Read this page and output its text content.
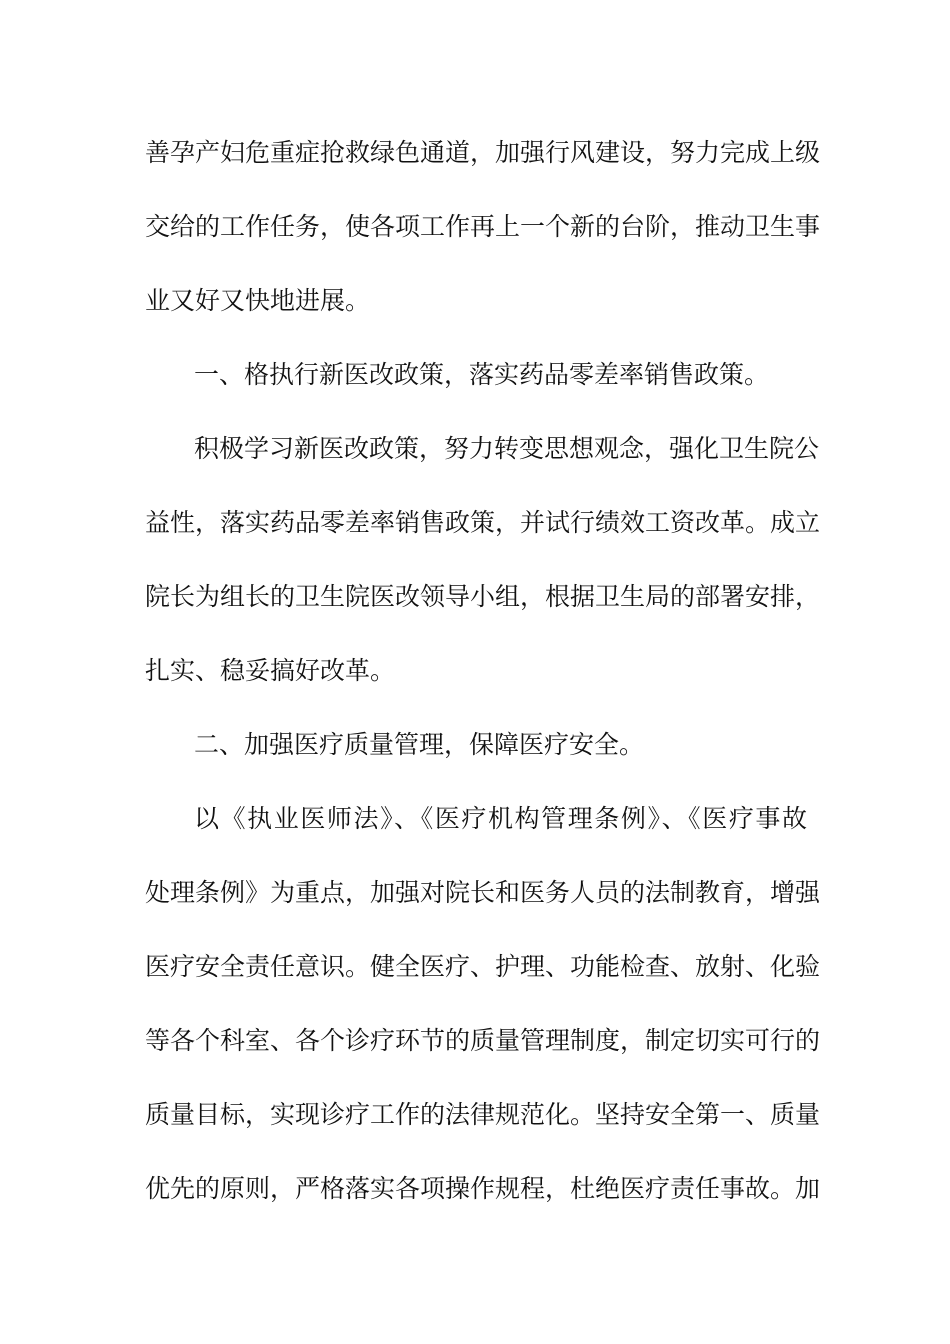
善孕产妇危重症抢救绿色通道，加强行风建设，努力完成上级
交给的工作任务，使各项工作再上一个新的台阶，推动卫生事
业又好又快地进展。
一、格执行新医改政策，落实药品零差率销售政策。
积极学习新医改政策，努力转变思想观念，强化卫生院公
益性，落实药品零差率销售政策，并试行绩效工资改革。成立
院长为组长的卫生院医改领导小组，根据卫生局的部署安排，
扎实、稳妥搞好改革。
二、加强医疗质量管理，保障医疗安全。
以《执业医师法》、《医疗机构管理条例》、《医疗事故
处理条例》为重点，加强对院长和医务人员的法制教育，增强
医疗安全责任意识。健全医疗、护理、功能检查、放射、化验
等各个科室、各个诊疗环节的质量管理制度，制定切实可行的
质量目标，实现诊疗工作的法律规范化。坚持安全第一、质量
优先的原则，严格落实各项操作规程，杜绝医疗责任事故。加
